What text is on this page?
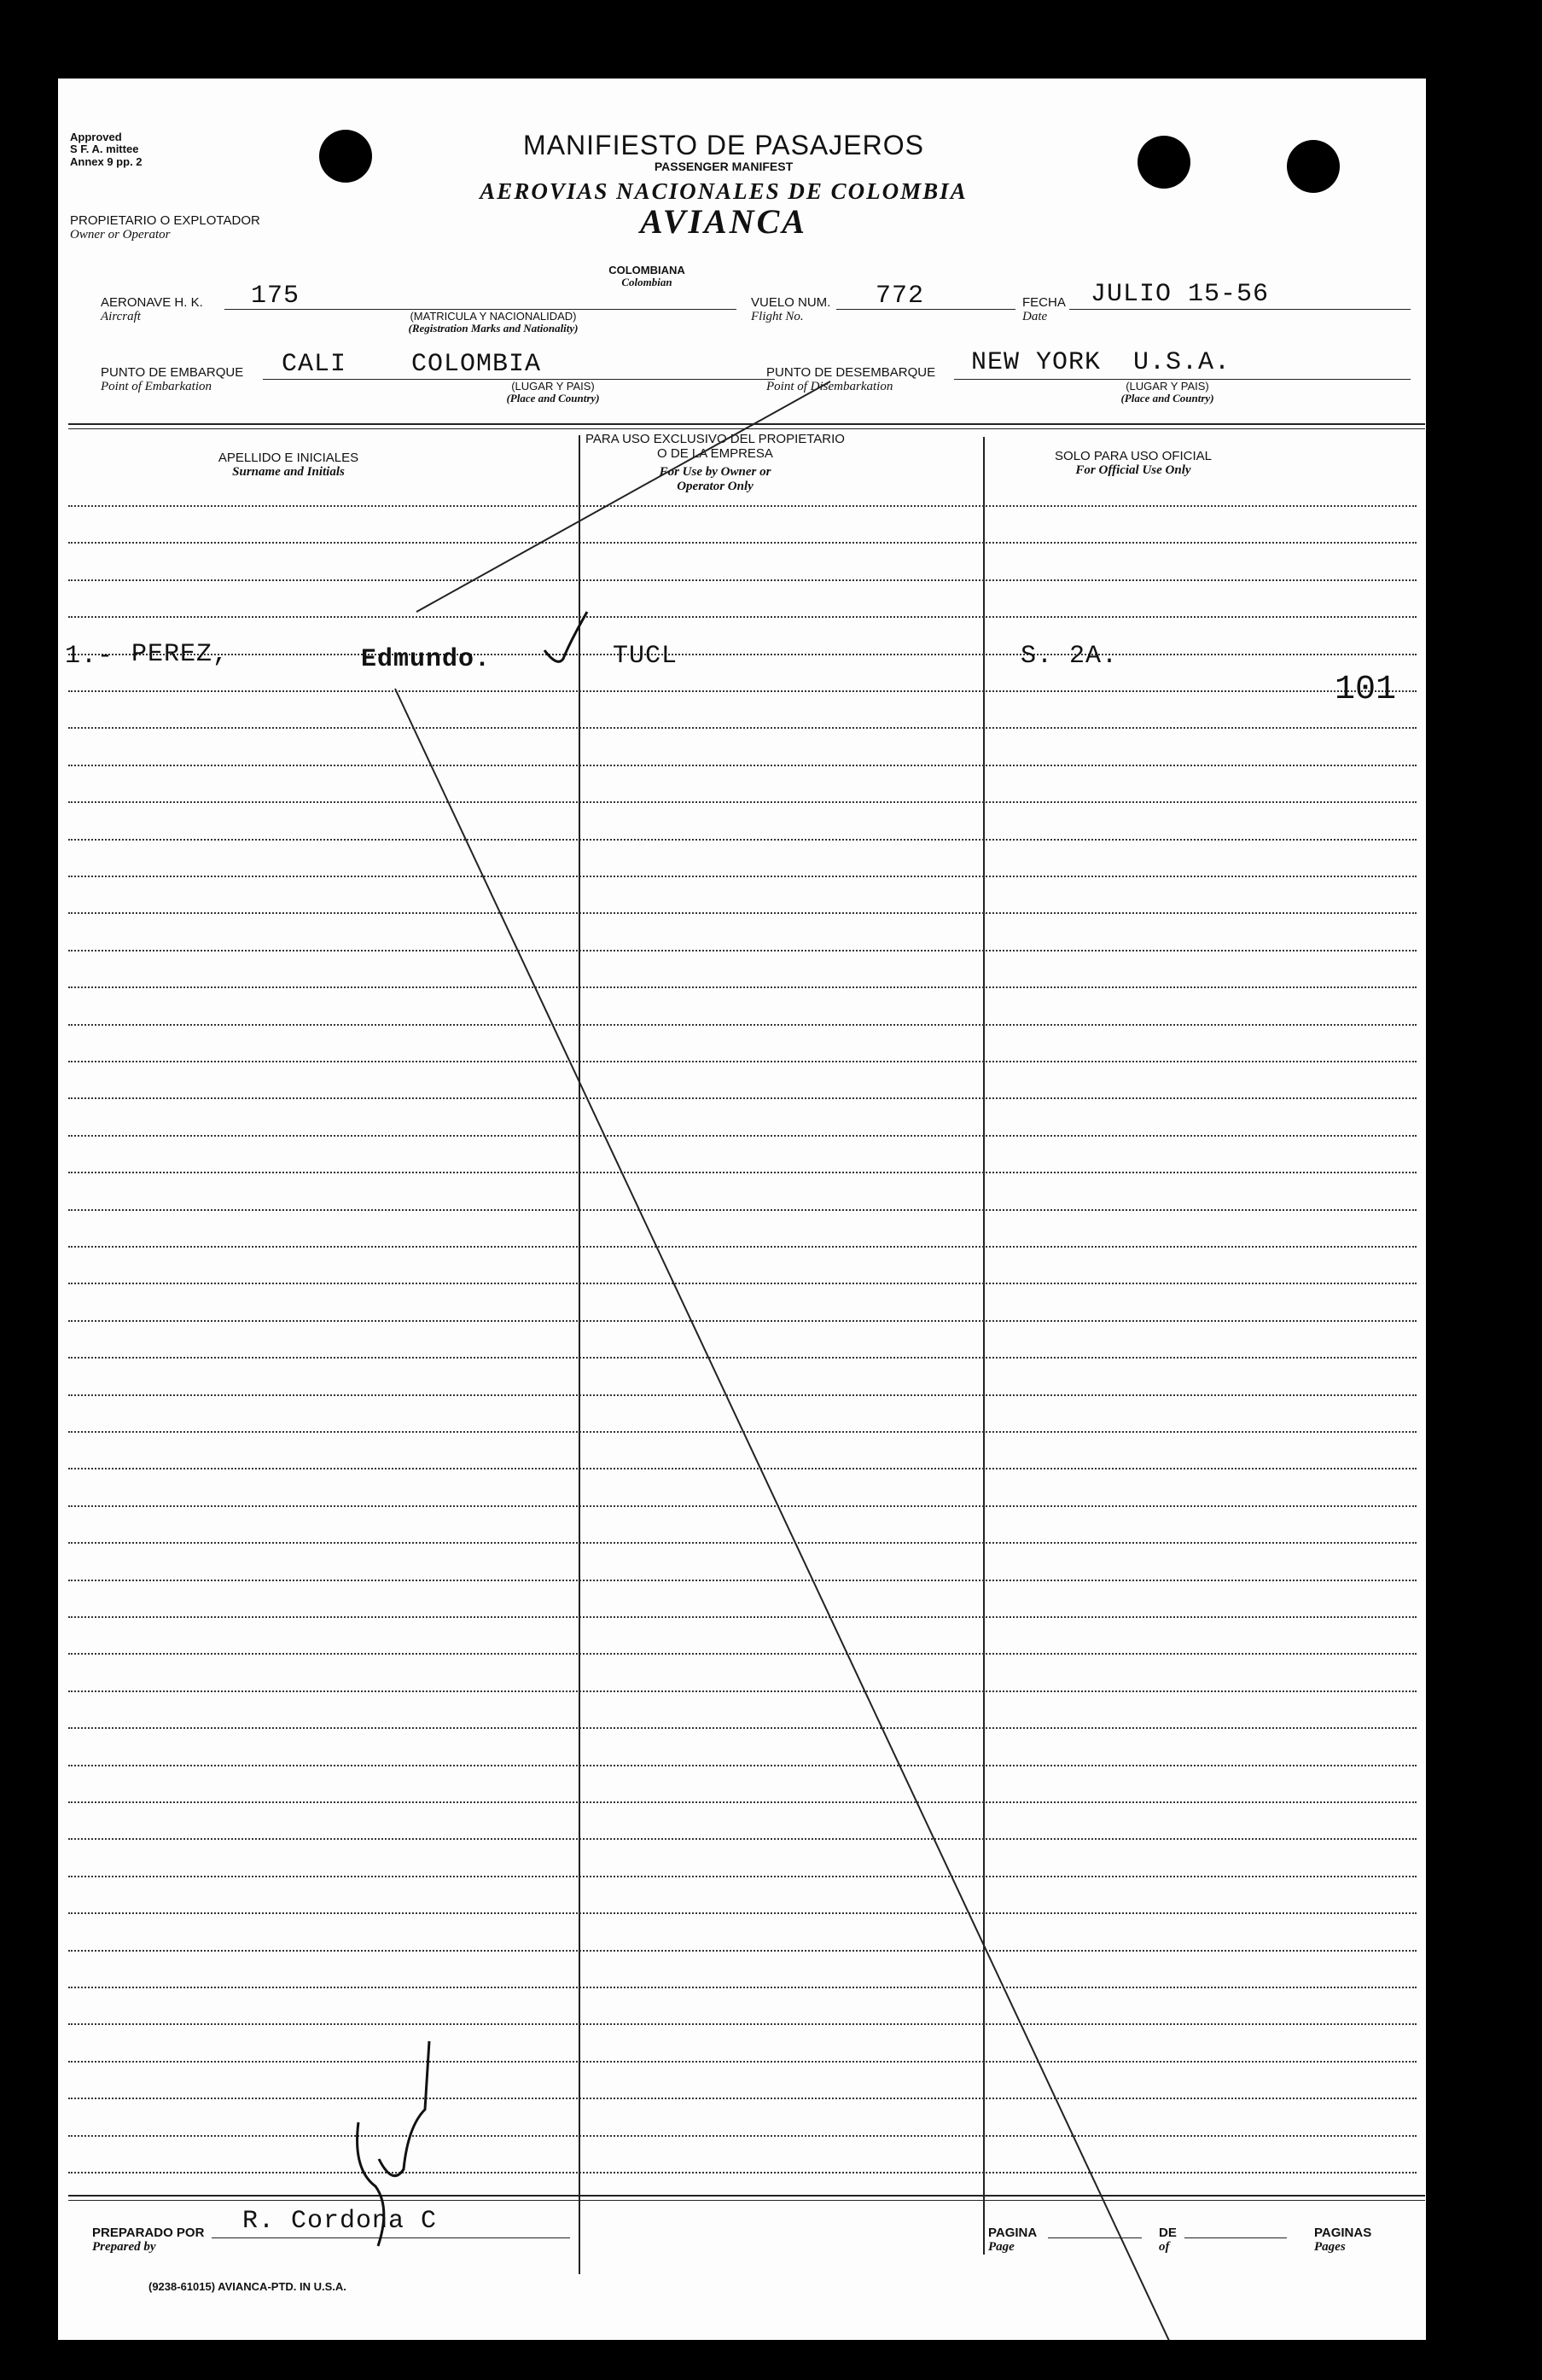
Approved
S F. A. mittee
Annex 9 pp. 2
PROPIETARIO O EXPLOTADOR
Owner or Operator
MANIFIESTO DE PASAJEROS
PASSENGER MANIFEST
AEROVIAS NACIONALES DE COLOMBIA
AVIANCA
COLOMBIANA
Colombian
AERONAVE H. K.
Aircraft
175
(MATRICULA Y NACIONALIDAD)
(Registration Marks and Nationality)
VUELO NUM.
Flight No.
772	FECHA
Date
JULIO 15-56
PUNTO DE EMBARQUE
Point of Embarkation
CALI	COLOMBIA
(LUGAR Y PAIS)
(Place and Country)
PUNTO DE DESEMBARQUE
Point of Disembarkation
NEW YORK  U.S.A.
(LUGAR Y PAIS)
(Place and Country)
APELLIDO E INICIALES
Surname and Initials
PARA USO EXCLUSIVO DEL PROPIETARIO
O DE LA EMPRESA
For Use by Owner or
Operator Only
SOLO PARA USO OFICIAL
For Official Use Only
1.- PEREZ,	Edmundo.	TUCL	S. 2A.
101
PREPARADO POR
Prepared by
R. Cordona C	PAGINA
Page
DE
of
PAGINAS
Pages
(9238-61015) AVIANCA-PTD. IN U.S.A.
